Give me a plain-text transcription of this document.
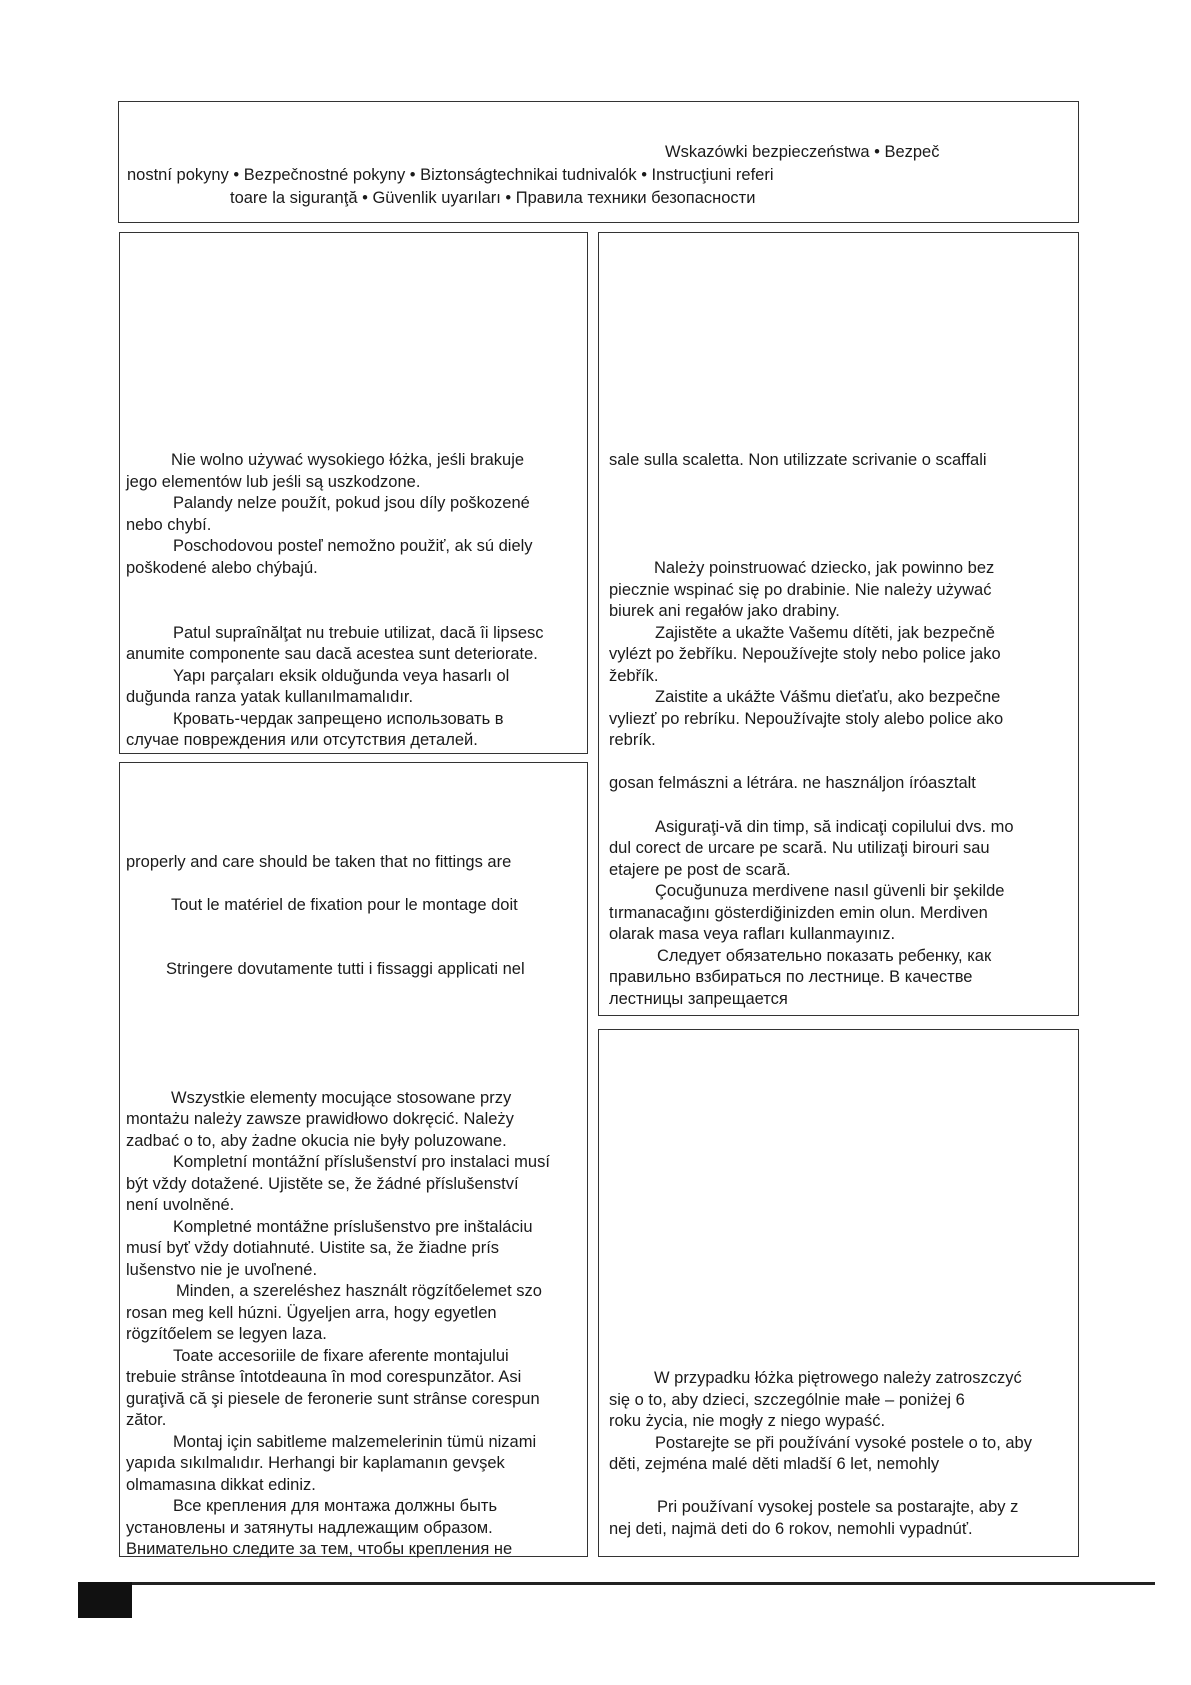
Wskazówki bezpieczeństwa • Bezpeč
nostní pokyny • Bezpečnostné pokyny • Biztonságtechnikai tudnivalók • Instrucţiuni referi
toare la siguranţă • Güvenlik uyarıları • Правила техники безопасности
Nie wolno używać wysokiego łóżka, jeśli brakuje
jego elementów lub jeśli są uszkodzone.
Palandy nelze použít, pokud jsou díly poškozené
nebo chybí.
Poschodovou posteľ nemožno použiť, ak sú diely
poškodené alebo chýbajú.
Patul supraînălţat nu trebuie utilizat, dacă îi lipsesc
anumite componente sau dacă acestea sunt deteriorate.
Yapı parçaları eksik olduğunda veya hasarlı ol
duğunda ranza yatak kullanılmamalıdır.
Кровать-чердак запрещено использовать в
случае повреждения или отсутствия деталей.
sale sulla scaletta. Non utilizzate scrivanie o scaffali
Należy poinstruować dziecko, jak powinno bez
piecznie wspinać się po drabinie. Nie należy używać
biurek ani regałów jako drabiny.
Zajistěte a ukažte Vašemu dítěti, jak bezpečně
vylézt po žebříku. Nepoužívejte stoly nebo police jako
žebřík.
Zaistite a ukážte Vášmu dieťaťu, ako bezpečne
vyliezť po rebríku. Nepoužívajte stoly alebo police ako
rebrík.
gosan felmászni a létrára. ne használjon íróasztalt
Asiguraţi-vă din timp, să indicaţi copilului dvs. mo
dul corect de urcare pe scară. Nu utilizaţi birouri sau
etajere pe post de scară.
Çocuğunuza merdivene nasıl güvenli bir şekilde
tırmanacağını gösterdiğinizden emin olun. Merdiven
olarak masa veya rafları kullanmayınız.
Следует обязательно показать ребенку, как
правильно взбираться по лестнице. В качестве
лестницы запрещается
properly and care should be taken that no fittings are
Tout le matériel de fixation pour le montage doit
Stringere dovutamente tutti i fissaggi applicati nel
Wszystkie elementy mocujące stosowane przy
montażu należy zawsze prawidłowo dokręcić. Należy
zadbać o to, aby żadne okucia nie były poluzowane.
Kompletní montážní příslušenství pro instalaci musí
být vždy dotažené. Ujistěte se, že žádné příslušenství
není uvolněné.
Kompletné montážne príslušenstvo pre inštaláciu
musí byť vždy dotiahnuté. Uistite sa, že žiadne prís
lušenstvo nie je uvoľnené.
Minden, a szereléshez használt rögzítőelemet szo
rosan meg kell húzni. Ügyeljen arra, hogy egyetlen
rögzítőelem se legyen laza.
Toate accesoriile de fixare aferente montajului
trebuie strânse întotdeauna în mod corespunzător. Asi
guraţivă că şi piesele de feronerie sunt strânse corespun
zător.
Montaj için sabitleme malzemelerinin tümü nizami
yapıda sıkılmalıdır. Herhangi bir kaplamanın gevşek
olmamasına dikkat ediniz.
Все крепления для монтажа должны быть
установлены и затянуты надлежащим образом.
Внимательно следите за тем, чтобы крепления не
W przypadku łóżka piętrowego należy zatroszczyć
się o to, aby dzieci, szczególnie małe – poniżej 6
roku życia, nie mogły z niego wypaść.
Postarejte se při používání vysoké postele o to, aby
děti, zejména malé děti mladší 6 let, nemohly
Pri používaní vysokej postele sa postarajte, aby z
nej deti, najmä deti do 6 rokov, nemohli vypadnúť.
